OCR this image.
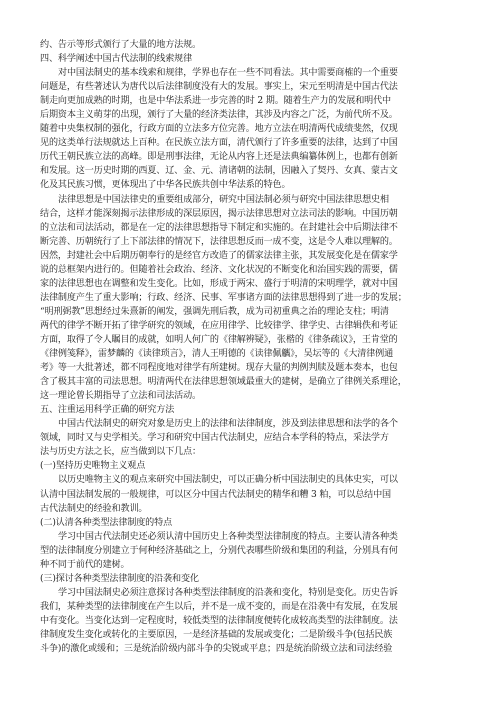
约、告示等形式颁行了大量的地方法规。
四、科学阐述中国古代法制的线索规律
对中国法制史的基本线索和规律，学界也存在一些不同看法。其中需要商榷的一个重要
问题是，有些著述认为唐代以后法律制度没有大的发展。事实上，宋元至明清是中国古代法
制走向更加成熟的时期，也是中华法系进一步完善的时 2 期。随着生产力的发展和明代中
后期资本主义萌芽的出现，颁行了大量的经济类法律，其涉及内容之广泛，为前代所不及。
随着中央集权制的强化，行政方面的立法多方位完善。地方立法在明清两代成绩斐然，仅现
见的这类单行法规就达上百种。在民族立法方面，清代颁行了许多重要的法律，达到了中国
历代王朝民族立法的高峰。即是刑事法律，无论从内容上还是法典编纂体例上，也都有创新
和发展。这一历史时期的西夏、辽、金、元、清诸朝的法制，因融入了契丹、女真、蒙古文
化及其民族习惯，更体现出了中华各民族共创中华法系的特色。
法律思想是中国法律史的重要组成部分，研究中国法制必须与研究中国法律思想史相
结合，这样才能深刻揭示法律形成的深层原因，揭示法律思想对立法司法的影响。中国历朝
的立法和司法活动，都是在一定的法律思想指导下制定和实施的。在封建社会中后期法律不
断完善、历朝统行了上下部法律的情况下，法律思想反而一成不变，这是令人难以理解的。
因然，封建社会中后期历朝奉行的是经官方改造了的儒家法律主张，其发展变化是在儒家学
说的总框架内进行的。但随着社会政治、经济、文化状况的不断变化和治国实践的需要，儒
家的法律思想也在调整和发生变化。比如，形成于两宋、盛行于明清的宋明理学，就对中国
法律制度产生了重大影响；行政、经济、民事、军事诸方面的法律思想得到了进一步的发展；
“明刑弼教”思想经过朱熹新的阐发，强调先刑后教，成为司初重典之治的理论支柱；明清
两代的律学不断开拓了律学研究的领域，在应用律学、比较律学、律学史、古律辑佚和考证
方面，取得了令人瞩目的成就，如明人何广的《律解辨疑》，张楷的《律条疏议》，王肯堂的
《律例笺释》，雷梦麟的《读律琐言》，清人王明德的《读律佩觿》，吴坛等的《大清律例通
考》等一大批著述，都不同程度地对律学有所建树。现存大量的判例判牍及题本奏本，也包
含了极其丰富的司法思想。明清两代在法律思想领域最重大的建树，是确立了律例关系理论，
这一理论曾长期指导了立法和司法活动。
五、注重运用科学正确的研究方法
中国古代法制史的研究对象是历史上的法律和法律制度，涉及到法律思想和法学的各个
领域，同时又与史学相关。学习和研究中国古代法制史，应结合本学科的特点，采法学方
法与历史方法之长，应当做到以下几点：
(一)坚持历史唯物主义观点
以历史唯物主义的观点来研究中国法制史，可以正确分析中国法制史的具体史实，可以
认清中国法制发展的一般规律，可以区分中国古代法制史的精华和糟 3 粕，可以总结中国
古代法制史的经验和教训。
(二)认清各种类型法律制度的特点
学习中国古代法制史还必须认清中国历史上各种类型法律制度的特点。主要认清各种类
型的法律制度分别建立于何种经济基础之上，分别代表哪些阶级和集团的利益，分别具有何
种不同于前代的建树。
(三)探讨各种类型法律制度的沿袭和变化
学习中国法制史必须注意探讨各种类型法律制度的沿袭和变化，特别是变化。历史告诉
我们，某种类型的法律制度在产生以后，并不是一成不变的，而是在沿袭中有发展，在发展
中有变化。当变化达到一定程度时，较低类型的法律制度便转化成较高类型的法律制度。法
律制度发生变化或转化的主要原因，一是经济基础的发展或变化；二是阶级斗争(包括民族
斗争)的激化或缓和；三是统治阶级内部斗争的尖锐或平息；四是统治阶级立法和司法经验
